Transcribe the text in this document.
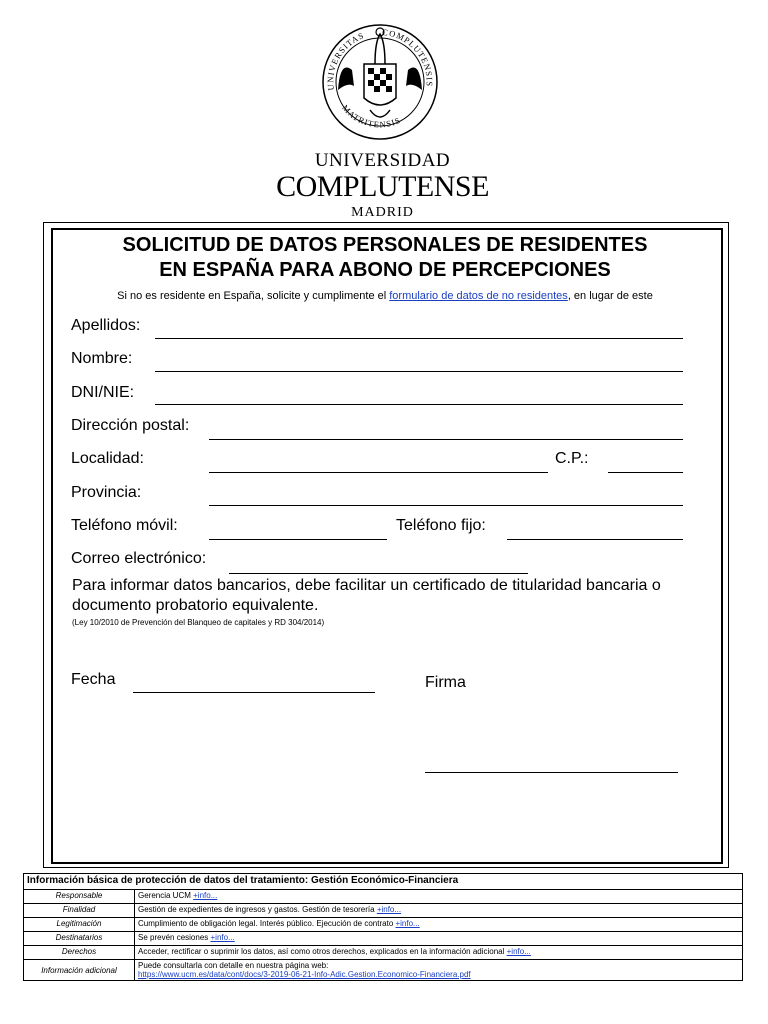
UNIVERSITAS COMPLUTENSIS
MATRITENSIS
UNIVERSIDAD
COMPLUTENSE
MADRID
SOLICITUD DE DATOS PERSONALES DE RESIDENTES
EN ESPAÑA PARA ABONO DE PERCEPCIONES
Si no es residente en España, solicite y cumplimente el formulario de datos de no residentes, en lugar de este
Apellidos:
Nombre:
DNI/NIE:
Dirección postal:
Localidad:	C.P.:
Provincia:
Teléfono móvil:	Teléfono fijo:
Correo electrónico:
Para informar datos bancarios, debe facilitar un certificado de titularidad bancaria o documento probatorio equivalente.
(Ley 10/2010 de Prevención del Blanqueo de capitales y RD 304/2014)
Fecha	Firma
Información básica de protección de datos del tratamiento: Gestión Económico-Financiera	
Responsable	Gerencia UCM +info...
Finalidad	Gestión de expedientes de ingresos y gastos. Gestión de tesorería +info...
Legitimación	Cumplimiento de obligación legal. Interés público. Ejecución de contrato +info...
Destinatarios	Se prevén cesiones +info...
Derechos	Acceder, rectificar o suprimir los datos, así como otros derechos, explicados en la información adicional +info...
Información adicional	Puede consultarla con detalle en nuestra página web:
https://www.ucm.es/data/cont/docs/3-2019-06-21-Info-Adic.Gestion.Economico-Financiera.pdf
